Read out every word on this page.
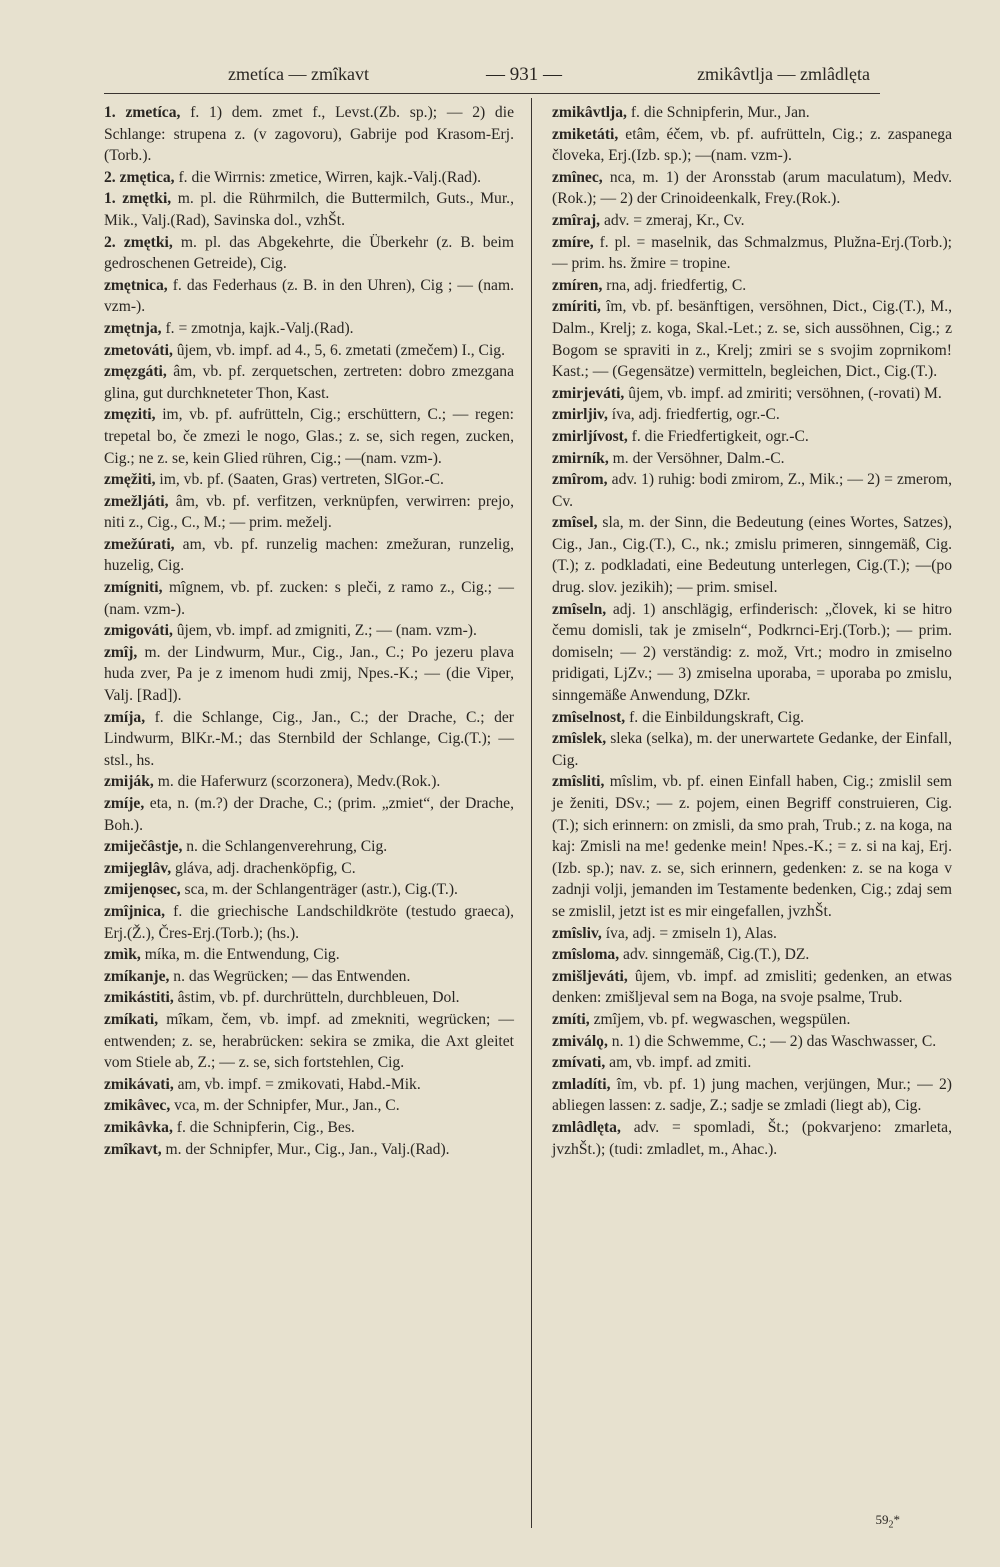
zmetíca — zmîkavt	— 931 —	zmikâvtlja — zmlâdlęta

1. zmetíca, f. 1) dem. zmet f., Levst.(Zb. sp.); — 2) die Schlange: strupena z. (v zagovoru), Gabrije pod Krasom-Erj.(Torb.).

2. zmętica, f. die Wirrnis: zmetice, Wirren, kajk.-Valj.(Rad).

1. zmętki, m. pl. die Rührmilch, die Buttermilch, Guts., Mur., Mik., Valj.(Rad), Savinska dol., vzhŠt.

2. zmętki, m. pl. das Abgekehrte, die Überkehr (z. B. beim gedroschenen Getreide), Cig.

zmętnica, f. das Federhaus (z. B. in den Uhren), Cig ; — (nam. vzm-).

zmętnja, f. = zmotnja, kajk.-Valj.(Rad).

zmetováti, ûjem, vb. impf. ad 4., 5, 6. zmetati (zmečem) I., Cig.

zmęzgáti, âm, vb. pf. zerquetschen, zertreten: dobro zmezgana glina, gut durchkneteter Thon, Kast.

zmęziti, im, vb. pf. aufrütteln, Cig.; erschüttern, C.; — regen: trepetal bo, če zmezi le nogo, Glas.; z. se, sich regen, zucken, Cig.; ne z. se, kein Glied rühren, Cig.; —(nam. vzm-).

zmęžiti, im, vb. pf. (Saaten, Gras) vertreten, SlGor.-C.

zmežljáti, âm, vb. pf. verfitzen, verknüpfen, verwirren: prejo, niti z., Cig., C., M.; — prim. meželj.

zmežúrati, am, vb. pf. runzelig machen: zmežuran, runzelig, huzelig, Cig.

zmígniti, mîgnem, vb. pf. zucken: s pleči, z ramo z., Cig.; — (nam. vzm-).

zmigováti, ûjem, vb. impf. ad zmigniti, Z.; — (nam. vzm-).

zmîj, m. der Lindwurm, Mur., Cig., Jan., C.; Po jezeru plava huda zver, Pa je z imenom hudi zmij, Npes.-K.; — (die Viper, Valj. [Rad]).

zmíja, f. die Schlange, Cig., Jan., C.; der Drache, C.; der Lindwurm, BlKr.-M.; das Sternbild der Schlange, Cig.(T.); — stsl., hs.

zmiják, m. die Haferwurz (scorzonera), Medv.(Rok.).

zmíje, eta, n. (m.?) der Drache, C.; (prim. „zmiet“, der Drache, Boh.).

zmiječâstje, n. die Schlangenverehrung, Cig.

zmijeglâv, gláva, adj. drachenköpfig, C.

zmijenǫsec, sca, m. der Schlangenträger (astr.), Cig.(T.).

zmîjnica, f. die griechische Landschildkröte (testudo graeca), Erj.(Ž.), Čres-Erj.(Torb.); (hs.).

zmìk, míka, m. die Entwendung, Cig.

zmíkanje, n. das Wegrücken; — das Entwenden.

zmikástiti, âstim, vb. pf. durchrütteln, durchbleuen, Dol.

zmíkati, mîkam, čem, vb. impf. ad zmekniti, wegrücken; — entwenden; z. se, herabrücken: sekira se zmika, die Axt gleitet vom Stiele ab, Z.; — z. se, sich fortstehlen, Cig.

zmikávati, am, vb. impf. = zmikovati, Habd.-Mik.

zmikâvec, vca, m. der Schnipfer, Mur., Jan., C.

zmikâvka, f. die Schnipferin, Cig., Bes.

zmîkavt, m. der Schnipfer, Mur., Cig., Jan., Valj.(Rad).

zmikâvtlja, f. die Schnipferin, Mur., Jan.

zmiketáti, etâm, éčem, vb. pf. aufrütteln, Cig.; z. zaspanega človeka, Erj.(Izb. sp.); —(nam. vzm-).

zmînec, nca, m. 1) der Aronsstab (arum maculatum), Medv.(Rok.); — 2) der Crinoideenkalk, Frey.(Rok.).

zmîraj, adv. = zmeraj, Kr., Cv.

zmíre, f. pl. = maselnik, das Schmalzmus, Plužna-Erj.(Torb.); — prim. hs. žmire = tropine.

zmíren, rna, adj. friedfertig, C.

zmíriti, îm, vb. pf. besänftigen, versöhnen, Dict., Cig.(T.), M., Dalm., Krelj; z. koga, Skal.-Let.; z. se, sich aussöhnen, Cig.; z Bogom se spraviti in z., Krelj; zmiri se s svojim zoprnikom! Kast.; — (Gegensätze) vermitteln, begleichen, Dict., Cig.(T.).

zmirjeváti, ûjem, vb. impf. ad zmiriti; versöhnen, (-rovati) M.

zmirljiv, íva, adj. friedfertig, ogr.-C.

zmirljívost, f. die Friedfertigkeit, ogr.-C.

zmirník, m. der Versöhner, Dalm.-C.

zmîrom, adv. 1) ruhig: bodi zmirom, Z., Mik.; — 2) = zmerom, Cv.

zmîsel, sla, m. der Sinn, die Bedeutung (eines Wortes, Satzes), Cig., Jan., Cig.(T.), C., nk.; zmislu primeren, sinngemäß, Cig.(T.); z. podkladati, eine Bedeutung unterlegen, Cig.(T.); —(po drug. slov. jezikih); — prim. smisel.

zmîseln, adj. 1) anschlägig, erfinderisch: „človek, ki se hitro čemu domisli, tak je zmiseln“, Podkrnci-Erj.(Torb.); — prim. domiseln; — 2) verständig: z. mož, Vrt.; modro in zmiselno pridigati, LjZv.; — 3) zmiselna uporaba, = uporaba po zmislu, sinngemäße Anwendung, DZkr.

zmîselnost, f. die Einbildungskraft, Cig.

zmîslek, sleka (selka), m. der unerwartete Gedanke, der Einfall, Cig.

zmîsliti, mîslim, vb. pf. einen Einfall haben, Cig.; zmislil sem je ženiti, DSv.; — z. pojem, einen Begriff construieren, Cig.(T.); sich erinnern: on zmisli, da smo prah, Trub.; z. na koga, na kaj: Zmisli na me! gedenke mein! Npes.-K.; = z. si na kaj, Erj.(Izb. sp.); nav. z. se, sich erinnern, gedenken: z. se na koga v zadnji volji, jemanden im Testamente bedenken, Cig.; zdaj sem se zmislil, jetzt ist es mir eingefallen, jvzhŠt.

zmîsliv, íva, adj. = zmiseln 1), Alas.

zmîsloma, adv. sinngemäß, Cig.(T.), DZ.

zmišljeváti, ûjem, vb. impf. ad zmisliti; gedenken, an etwas denken: zmišljeval sem na Boga, na svoje psalme, Trub.

zmíti, zmîjem, vb. pf. wegwaschen, wegspülen.

zmiválǫ, n. 1) die Schwemme, C.; — 2) das Waschwasser, C.

zmívati, am, vb. impf. ad zmiti.

zmladíti, îm, vb. pf. 1) jung machen, verjüngen, Mur.; — 2) abliegen lassen: z. sadje, Z.; sadje se zmladi (liegt ab), Cig.

zmlâdlęta, adv. = spomladi, Št.; (pokvarjeno: zmarleta, jvzhŠt.); (tudi: zmladlet, m., Ahac.).

$59_2*$
